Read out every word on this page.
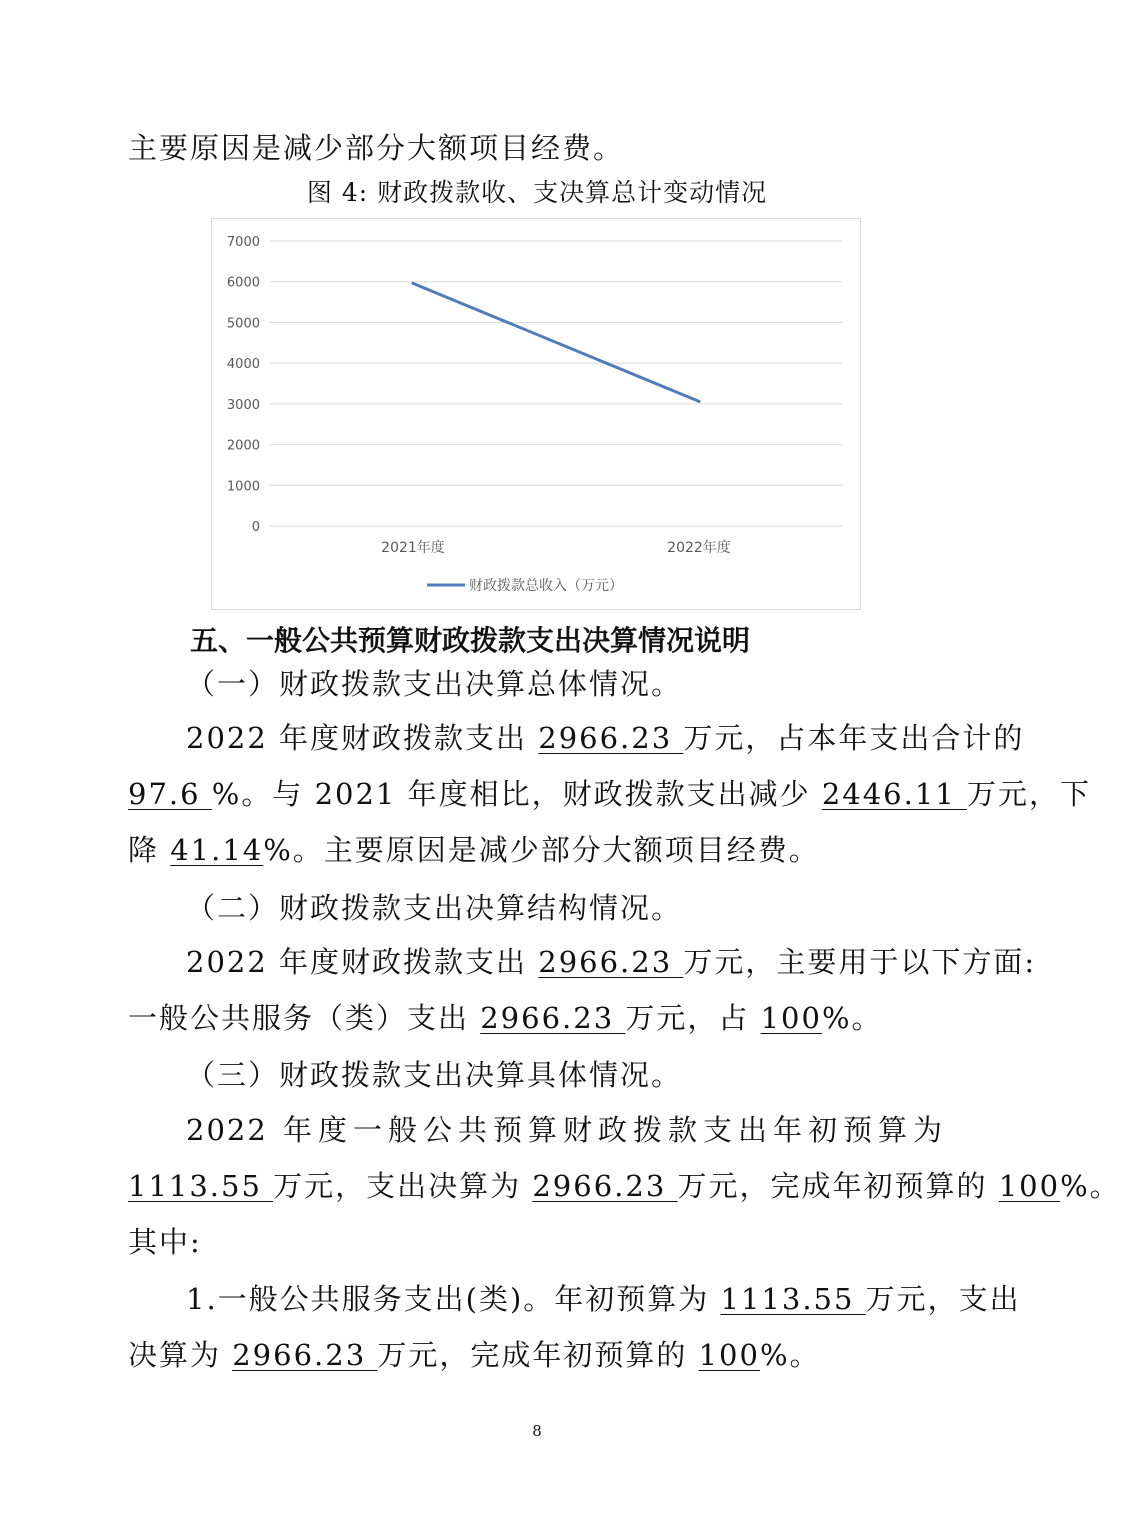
主要原因是减少部分大额项目经费。
图 4: 财政拨款收、支决算总计变动情况
0
1000
2000
3000
4000
5000
6000
7000
2021年度	2022年度
财政拨款总收入（万元）
五、一般公共预算财政拨款支出决算情况说明
（一）财政拨款支出决算总体情况。
2022 年度财政拨款支出 2966.23 万元，占本年支出合计的
97.6 %。与 2021 年度相比，财政拨款支出减少 2446.11 万元，下
降 41.14%。主要原因是减少部分大额项目经费。
（二）财政拨款支出决算结构情况。
2022 年度财政拨款支出 2966.23 万元，主要用于以下方面:
一般公共服务（类）支出 2966.23 万元，占 100%。
（三）财政拨款支出决算具体情况。
2022 年度一般公共预算财政拨款支出年初预算为
1113.55 万元，支出决算为 2966.23 万元，完成年初预算的 100%。
其中:
1.一般公共服务支出(类)。年初预算为 1113.55 万元，支出
决算为 2966.23 万元，完成年初预算的 100%。
8
